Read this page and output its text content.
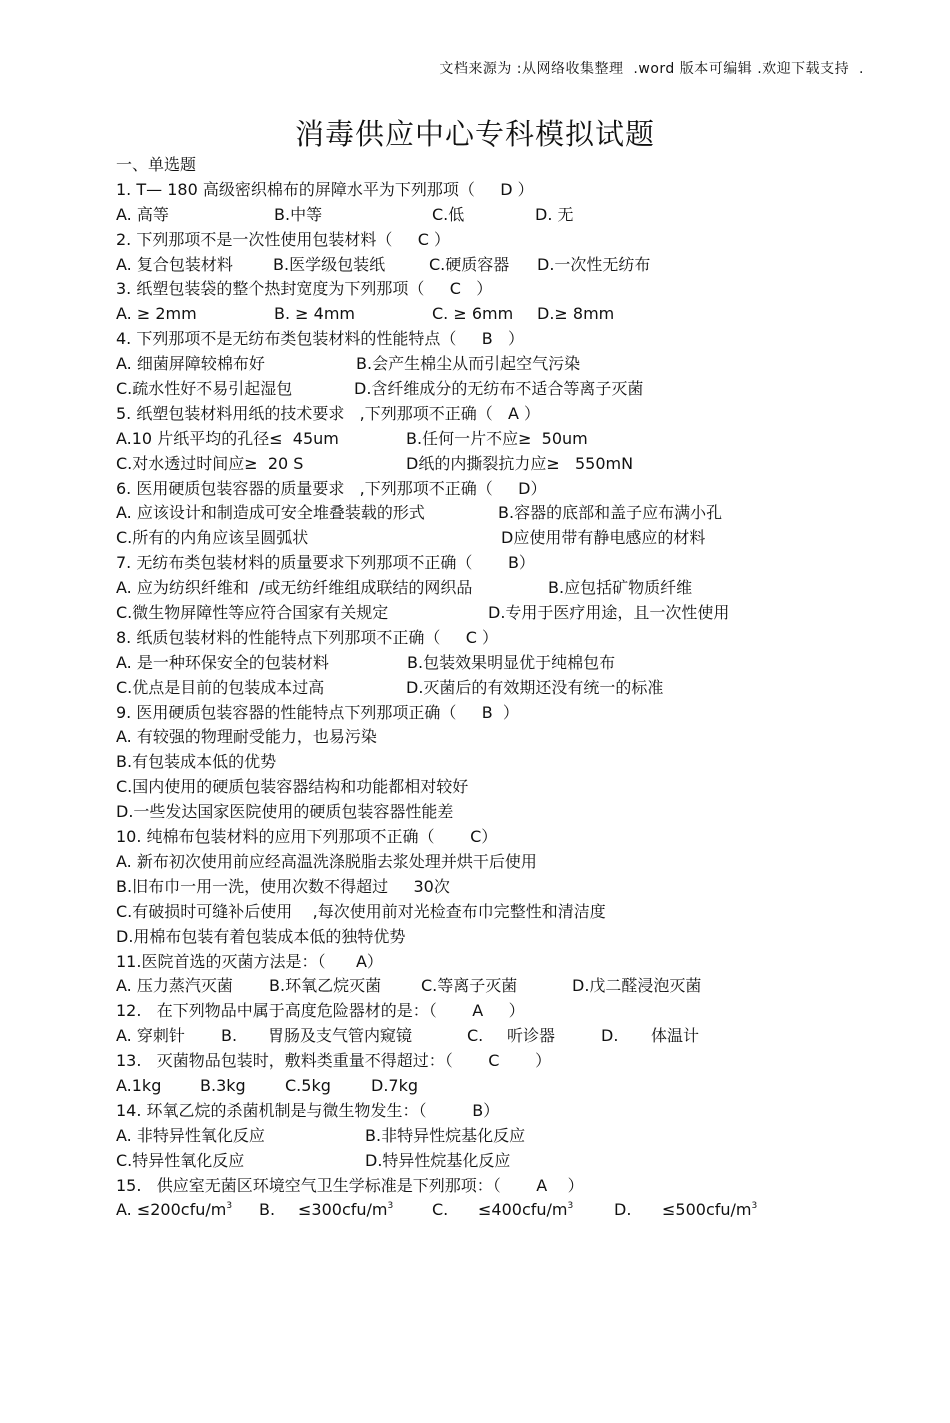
文档来源为 :从网络收集整理  .word 版本可编辑 .欢迎下载支持  .
消毒供应中心专科模拟试题
一、单选题
1. T— 180 高级密织棉布的屏障水平为下列那项（     D ）

A. 高等

	B.中等

	C.低

	D. 无

2. 下列那项不是一次性使用包装材料（     C ）

A. 复合包装材料

	B.医学级包装纸

	C.硬质容器

D.一次性无纺布

3. 纸塑包装袋的整个热封宽度为下列那项（     C   ）

A. ≥ 2mm

	B. ≥ 4mm

	C. ≥ 6mm

D.≥ 8mm

4. 下列那项不是无纺布类包装材料的性能特点（     B   ）

A. 细菌屏障较棉布好

	B.会产生棉尘从而引起空气污染

C.疏水性好不易引起湿包

	D.含纤维成分的无纺布不适合等离子灭菌

5. 纸塑包装材料用纸的技术要求   ,下列那项不正确（   A ）

A.10 片纸平均的孔径≤  45um

	B.任何一片不应≥  50um

C.对水透过时间应≥  20 S

	D纸的内撕裂抗力应≥   550mN

6. 医用硬质包装容器的质量要求   ,下列那项不正确（     D）

A. 应该设计和制造成可安全堆叠装载的形式

	B.容器的底部和盖子应布满小孔

C.所有的内角应该呈圆弧状

	D应使用带有静电感应的材料

7. 无纺布类包装材料的质量要求下列那项不正确（       B）

A. 应为纺织纤维和  /或无纺纤维组成联结的网织品

	B.应包括矿物质纤维

C.微生物屏障性等应符合国家有关规定

	D.专用于医疗用途，且一次性使用

8. 纸质包装材料的性能特点下列那项不正确（     C ）

A. 是一种环保安全的包装材料

	B.包装效果明显优于纯棉包布

C.优点是目前的包装成本过高

	D.灭菌后的有效期还没有统一的标准

9. 医用硬质包装容器的性能特点下列那项正确（     B  ）
A. 有较强的物理耐受能力，也易污染
B.有包装成本低的优势
C.国内使用的硬质包装容器结构和功能都相对较好
D.一些发达国家医院使用的硬质包装容器性能差
10. 纯棉布包装材料的应用下列那项不正确（       C）
A. 新布初次使用前应经高温洗涤脱脂去浆处理并烘干后使用
B.旧布巾一用一洗，使用次数不得超过     30次
C.有破损时可缝补后使用    ,每次使用前对光检查布巾完整性和清洁度
D.用棉布包装有着包装成本低的独特优势
11.医院首选的灭菌方法是：（      A）

A. 压力蒸汽灭菌

B.环氧乙烷灭菌

C.等离子灭菌

	D.戊二醛浸泡灭菌

12.   在下列物品中属于高度危险器材的是：（       A     ）

A. 穿刺针

B.

胃肠及支气管内窥镜

	C.

听诊器

	D.

体温计

13.   灭菌物品包装时，敷料类重量不得超过：（       C       ）

A.1kg

B.3kg

C.5kg

	D.7kg

14. 环氧乙烷的杀菌机制是与微生物发生：（         B）

A. 非特异性氧化反应

	B.非特异性烷基化反应

C.特异性氧化反应

	D.特异性烷基化反应

15.   供应室无菌区环境空气卫生学标准是下列那项：（       A    ）

A. $\le 200cfu/m^3$

B.

$\le 300cfu/m^3$

C.

$\le 400cfu/m^3$

	D.

$\le 500cfu/m^3$
